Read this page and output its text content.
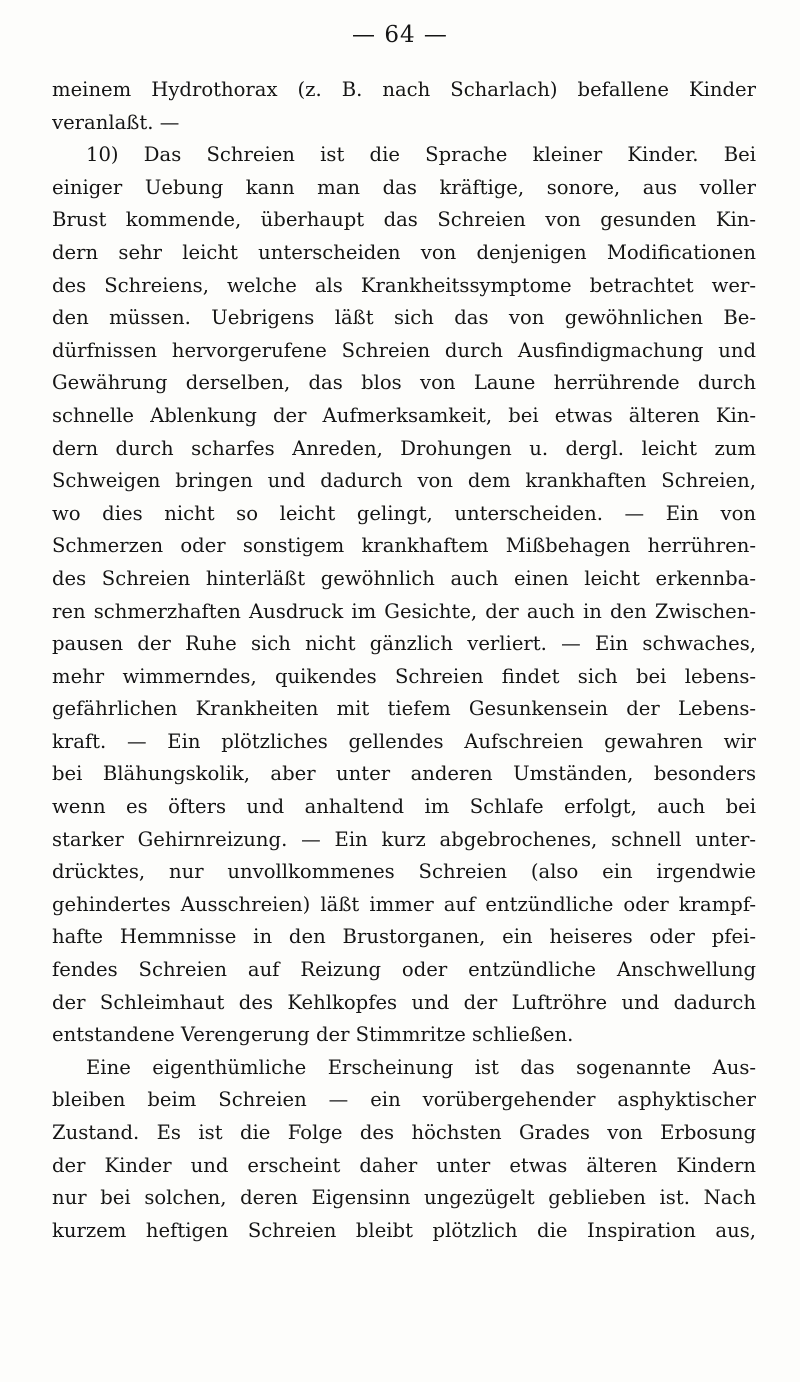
— 64 —
meinem Hydrothorax (z. B. nach Scharlach) befallene Kinder
veranlaßt. —
10) Das Schreien ist die Sprache kleiner Kinder. Bei
einiger Uebung kann man das kräftige, sonore, aus voller
Brust kommende, überhaupt das Schreien von gesunden Kin-
dern sehr leicht unterscheiden von denjenigen Modificationen
des Schreiens, welche als Krankheitssymptome betrachtet wer-
den müssen. Uebrigens läßt sich das von gewöhnlichen Be-
dürfnissen hervorgerufene Schreien durch Ausfindigmachung und
Gewährung derselben, das blos von Laune herrührende durch
schnelle Ablenkung der Aufmerksamkeit, bei etwas älteren Kin-
dern durch scharfes Anreden, Drohungen u. dergl. leicht zum
Schweigen bringen und dadurch von dem krankhaften Schreien,
wo dies nicht so leicht gelingt, unterscheiden. — Ein von
Schmerzen oder sonstigem krankhaftem Mißbehagen herrühren-
des Schreien hinterläßt gewöhnlich auch einen leicht erkennba-
ren schmerzhaften Ausdruck im Gesichte, der auch in den Zwischen-
pausen der Ruhe sich nicht gänzlich verliert. — Ein schwaches,
mehr wimmerndes, quikendes Schreien findet sich bei lebens-
gefährlichen Krankheiten mit tiefem Gesunkensein der Lebens-
kraft. — Ein plötzliches gellendes Aufschreien gewahren wir
bei Blähungskolik, aber unter anderen Umständen, besonders
wenn es öfters und anhaltend im Schlafe erfolgt, auch bei
starker Gehirnreizung. — Ein kurz abgebrochenes, schnell unter-
drücktes, nur unvollkommenes Schreien (also ein irgendwie
gehindertes Ausschreien) läßt immer auf entzündliche oder krampf-
hafte Hemmnisse in den Brustorganen, ein heiseres oder pfei-
fendes Schreien auf Reizung oder entzündliche Anschwellung
der Schleimhaut des Kehlkopfes und der Luftröhre und dadurch
entstandene Verengerung der Stimmritze schließen.
Eine eigenthümliche Erscheinung ist das sogenannte Aus-
bleiben beim Schreien — ein vorübergehender asphyktischer
Zustand. Es ist die Folge des höchsten Grades von Erbosung
der Kinder und erscheint daher unter etwas älteren Kindern
nur bei solchen, deren Eigensinn ungezügelt geblieben ist. Nach
kurzem heftigen Schreien bleibt plötzlich die Inspiration aus,
